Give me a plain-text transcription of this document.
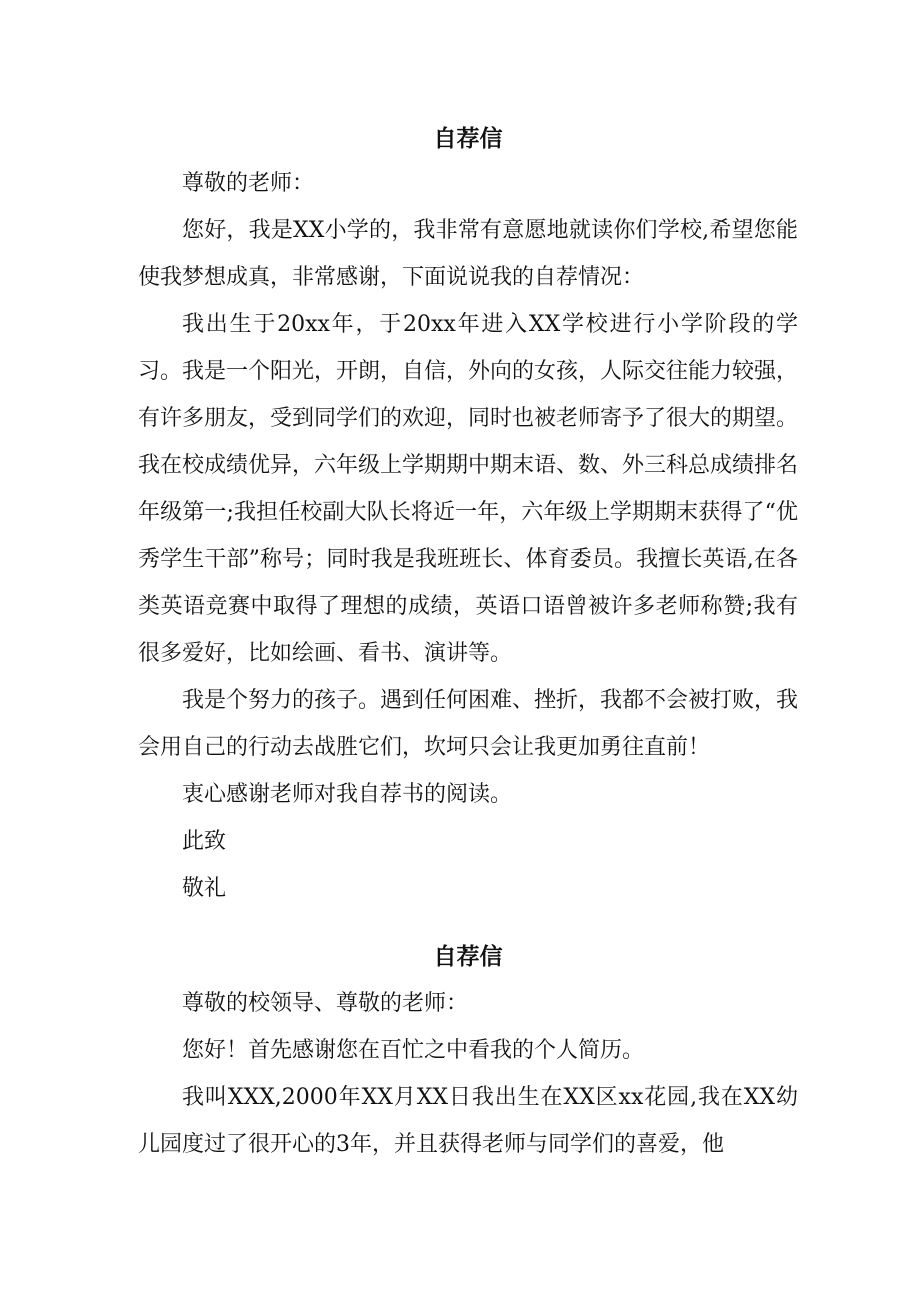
自荐信

尊敬的老师：

您好，我是XX小学的，我非常有意愿地就读你们学校,希望您能使我梦想成真，非常感谢，下面说说我的自荐情况：

我出生于20xx年，于20xx年进入XX学校进行小学阶段的学习。我是一个阳光，开朗，自信，外向的女孩，人际交往能力较强，有许多朋友，受到同学们的欢迎，同时也被老师寄予了很大的期望。我在校成绩优异，六年级上学期期中期末语、数、外三科总成绩排名年级第一;我担任校副大队长将近一年，六年级上学期期末获得了“优秀学生干部”称号；同时我是我班班长、体育委员。我擅长英语,在各类英语竞赛中取得了理想的成绩，英语口语曾被许多老师称赞;我有很多爱好，比如绘画、看书、演讲等。

我是个努力的孩子。遇到任何困难、挫折，我都不会被打败，我会用自己的行动去战胜它们，坎坷只会让我更加勇往直前！

衷心感谢老师对我自荐书的阅读。

此致

敬礼

自荐信

尊敬的校领导、尊敬的老师：

您好！首先感谢您在百忙之中看我的个人简历。

我叫XXX,2000年XX月XX日我出生在XX区xx花园,我在XX幼儿园度过了很开心的3年，并且获得老师与同学们的喜爱，他
